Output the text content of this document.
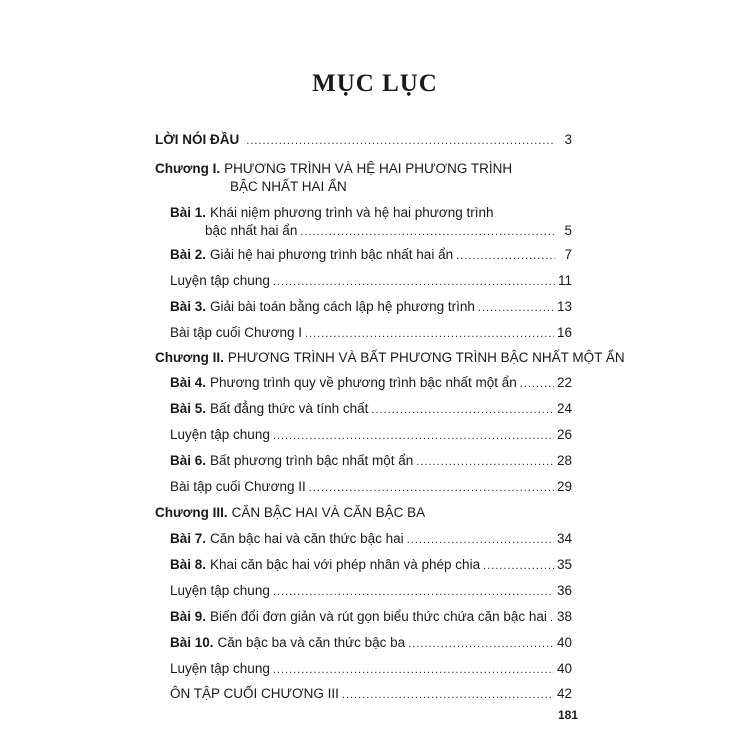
MỤC LỤC
LỜI NÓI ĐẦU .....	3
Chương I. PHƯƠNG TRÌNH VÀ HỆ HAI PHƯƠNG TRÌNH
BẬC NHẤT HAI ẨN
Bài 1. Khái niệm phương trình và hệ hai phương trình
bậc nhất hai ẩn .....	5
Bài 2. Giải hệ hai phương trình bậc nhất hai ẩn .....	7
Luyện tập chung .....	11
Bài 3. Giải bài toán bằng cách lập hệ phương trình .....	13
Bài tập cuối Chương I .....	16
Chương II. PHƯƠNG TRÌNH VÀ BẤT PHƯƠNG TRÌNH BẬC NHẤT MỘT ẨN
Bài 4. Phương trình quy về phương trình bậc nhất một ẩn .....	22
Bài 5. Bất đẳng thức và tính chất .....	24
Luyện tập chung .....	26
Bài 6. Bất phương trình bậc nhất một ẩn .....	28
Bài tập cuối Chương II .....	29
Chương III. CĂN BẬC HAI VÀ CĂN BẬC BA
Bài 7. Căn bậc hai và căn thức bậc hai .....	34
Bài 8. Khai căn bậc hai với phép nhân và phép chia .....	35
Luyện tập chung .....	36
Bài 9. Biến đổi đơn giản và rút gọn biểu thức chứa căn bậc hai ..... 38
Bài 10. Căn bậc ba và căn thức bậc ba .....	40
Luyện tập chung .....	40
ÔN TẬP CUỐI CHƯƠNG III .....	42
181
